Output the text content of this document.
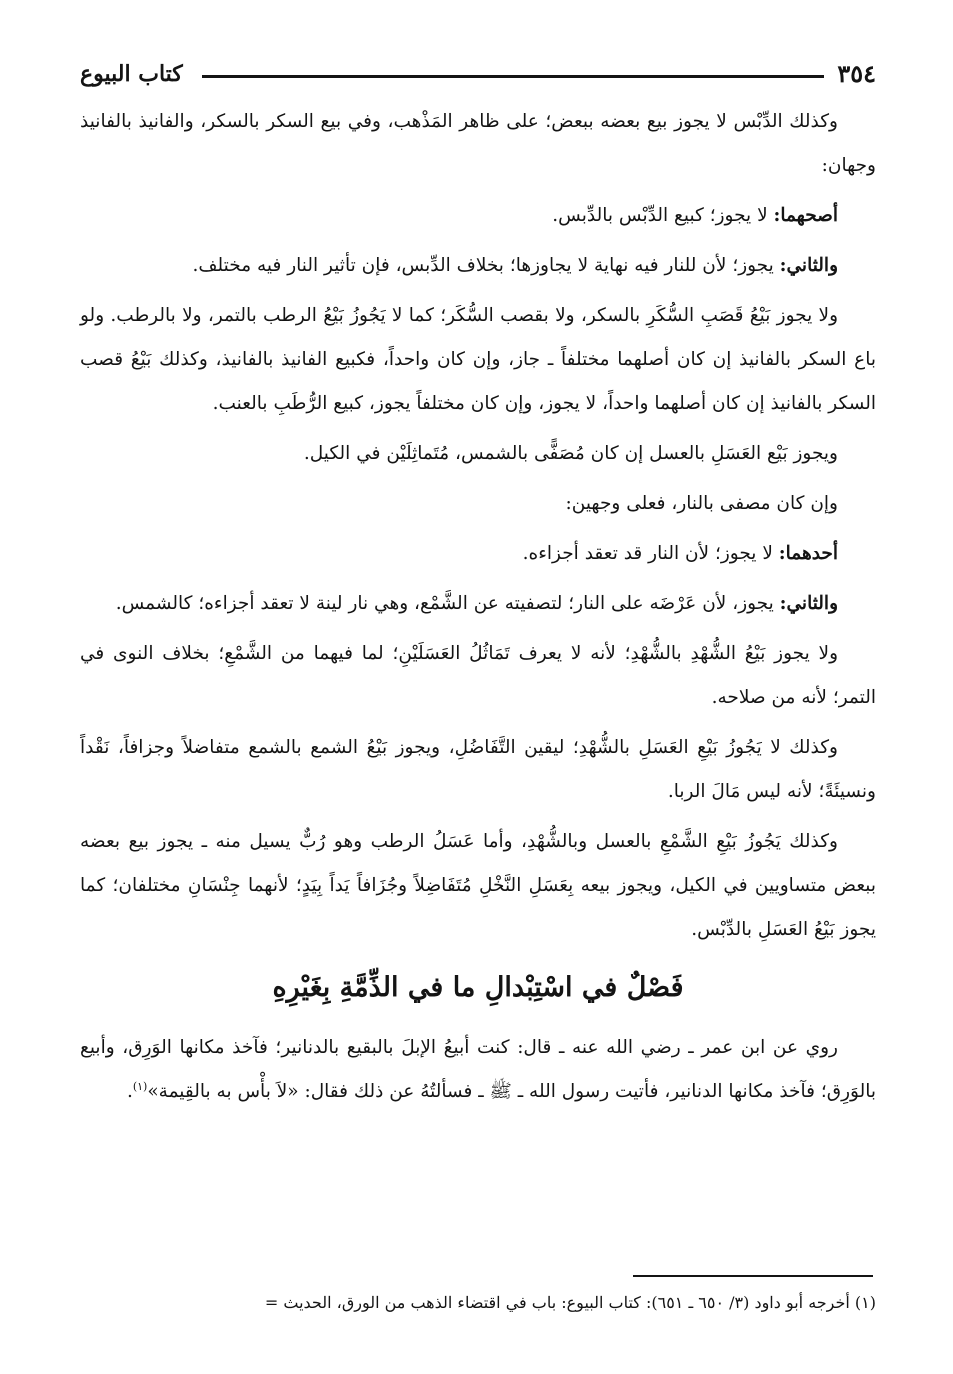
٣٥٤
كتاب البيوع

وكذلك الدِّبْس لا يجوز بيع بعضه ببعض؛ على ظاهر المَذْهب، وفي بيع السكر بالسكر، والفانيذ بالفانيذ وجهان:

أصحهما: لا يجوز؛ كبيع الدِّبْس بالدِّبس.

والثاني: يجوز؛ لأن للنار فيه نهاية لا يجاوزها؛ بخلاف الدِّبس، فإن تأثير النار فيه مختلف.

ولا يجوز بَيْعُ قَصَبِ السُّكَرِ بالسكر، ولا بقصب السُّكَر؛ كما لا يَجُوزُ بَيْعُ الرطب بالتمر، ولا بالرطب. ولو باع السكر بالفانيذ إن كان أصلهما مختلفاً ـ جاز، وإن كان واحداً، فكبيع الفانيذ بالفانيذ، وكذلك بَيْعُ قصب السكر بالفانيذ إن كان أصلهما واحداً، لا يجوز، وإن كان مختلفاً يجوز، كبيع الرُّطَبِ بالعنب.

ويجوز بَيْع العَسَلِ بالعسل إن كان مُصَفًّى بالشمس، مُتَماثِلَيْن في الكيل.

وإن كان مصفى بالنار، فعلى وجهين:

أحدهما: لا يجوز؛ لأن النار قد تعقد أجزاءه.

والثاني: يجوز، لأن عَرْضَه على النار؛ لتصفيته عن الشَّمْع، وهي نار لينة لا تعقد أجزاءه؛ كالشمس.

ولا يجوز بَيْعُ الشُّهْدِ بالشُّهْدِ؛ لأنه لا يعرف تَمَاثُلُ العَسَلَيْنِ؛ لما فيهما من الشَّمْعِ؛ بخلاف النوى في التمر؛ لأنه من صلاحه.

وكذلك لا يَجُوزُ بَيْعِ العَسَلِ بالشُّهْدِ؛ ليقين التَّفَاضُلِ، ويجوز بَيْعُ الشمع بالشمع متفاضلاً وجزافاً، نَقْداً ونسيئَةً؛ لأنه ليس مَالَ الربا.

وكذلك يَجُوزُ بَيْعِ الشَّمْعِ بالعسل وبالشُّهْدِ، وأما عَسَلُ الرطب وهو رُبٌّ يسيل منه ـ يجوز بيع بعضه ببعض متساويين في الكيل، ويجوز بيعه بِعَسَلِ النَّخْلِ مُتَفَاضِلاً وجُزَافاً يَداً بِيَدٍ؛ لأنهما جِنْسَانِ مختلفان؛ كما يجوز بَيْعُ العَسَلِ بالدِّبْس.

فَصْلٌ في اسْتِبْدالِ ما في الذِّمَّةِ بِغَيْرِهِ

روي عن ابن عمر ـ رضي الله عنه ـ قال: كنت أبيعُ الإبلَ بالبقيع بالدنانير؛ فآخذ مكانها الوَرِق، وأبيع بالوَرِق؛ فآخذ مكانها الدنانير، فأتيت رسول الله ـ ﷺ ـ فسألتُهُ عن ذلك فقال: «لاَ بأْس به بالقِيمة»$^{(١)}$.

(١) أخرجه أبو داود (٣/ ٦٥٠ ـ ٦٥١): كتاب البيوع: باب في اقتضاء الذهب من الورق، الحديث =
